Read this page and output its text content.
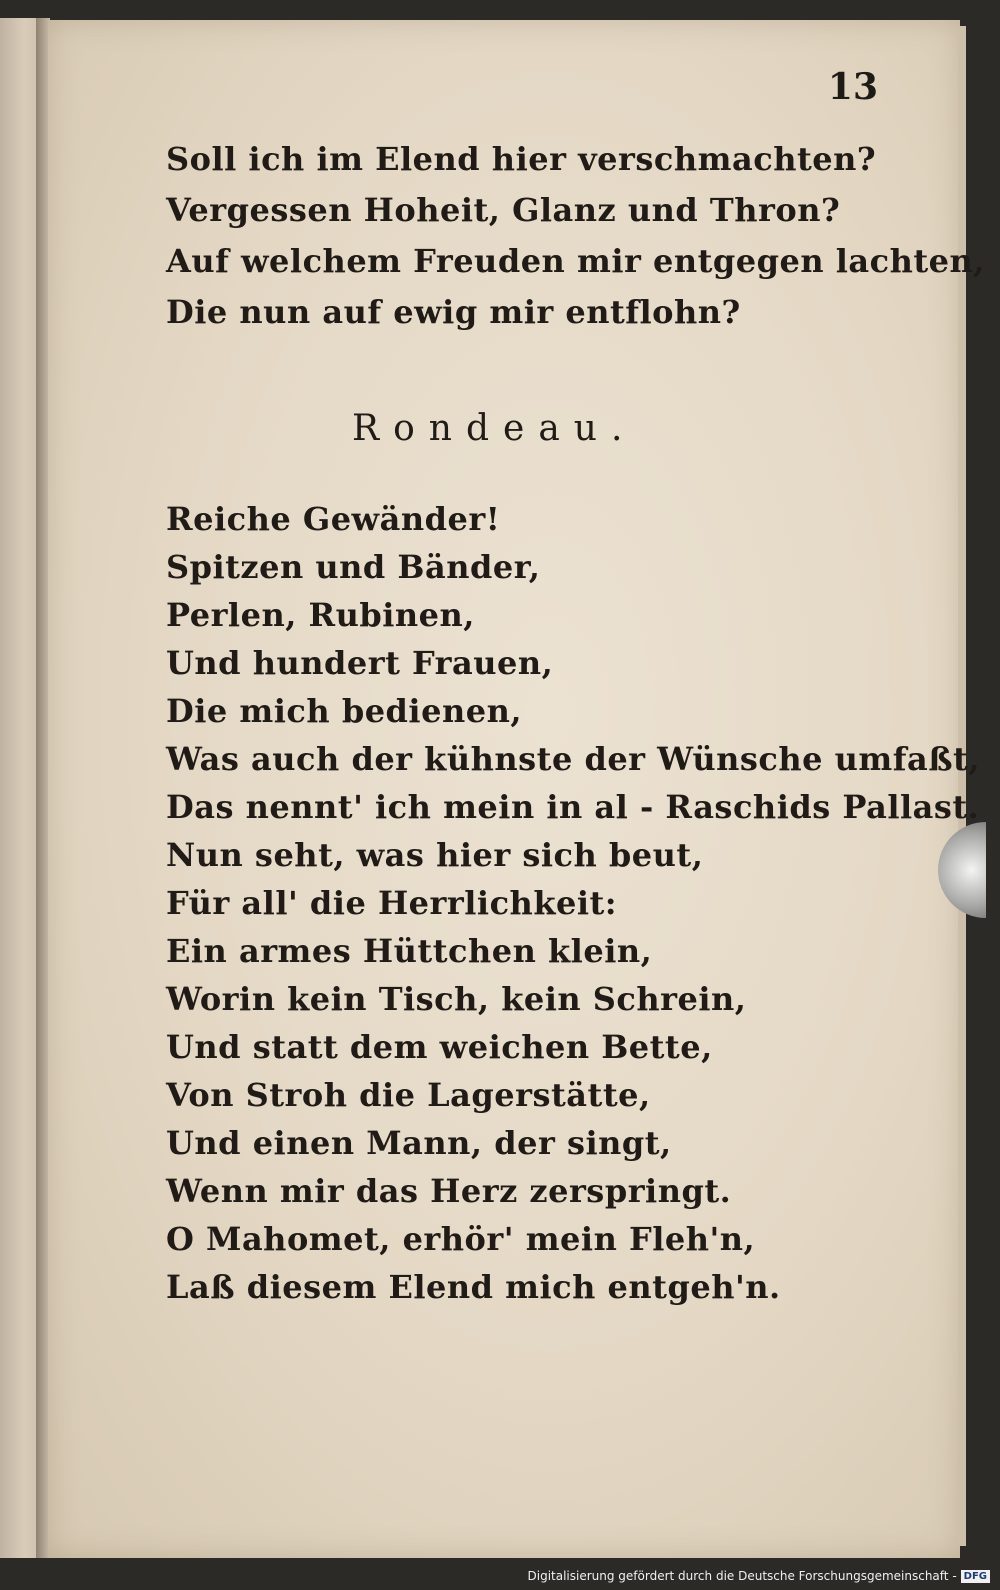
13
Soll ich im Elend hier verschmachten?
Vergessen Hoheit, Glanz und Thron?
Auf welchem Freuden mir entgegen lachten,
Die nun auf ewig mir entflohn?
Rondeau.
Reiche Gewänder!
Spitzen und Bänder,
Perlen, Rubinen,
Und hundert Frauen,
Die mich bedienen,
Was auch der kühnste der Wünsche umfaßt,
Das nennt' ich mein in al - Raschids Pallast.
Nun seht, was hier sich beut,
Für all' die Herrlichkeit:
Ein armes Hüttchen klein,
Worin kein Tisch, kein Schrein,
Und statt dem weichen Bette,
Von Stroh die Lagerstätte,
Und einen Mann, der singt,
Wenn mir das Herz zerspringt.
O Mahomet, erhör' mein Fleh'n,
Laß diesem Elend mich entgeh'n.
Digitalisierung gefördert durch die Deutsche Forschungsgemeinschaft - DFG
